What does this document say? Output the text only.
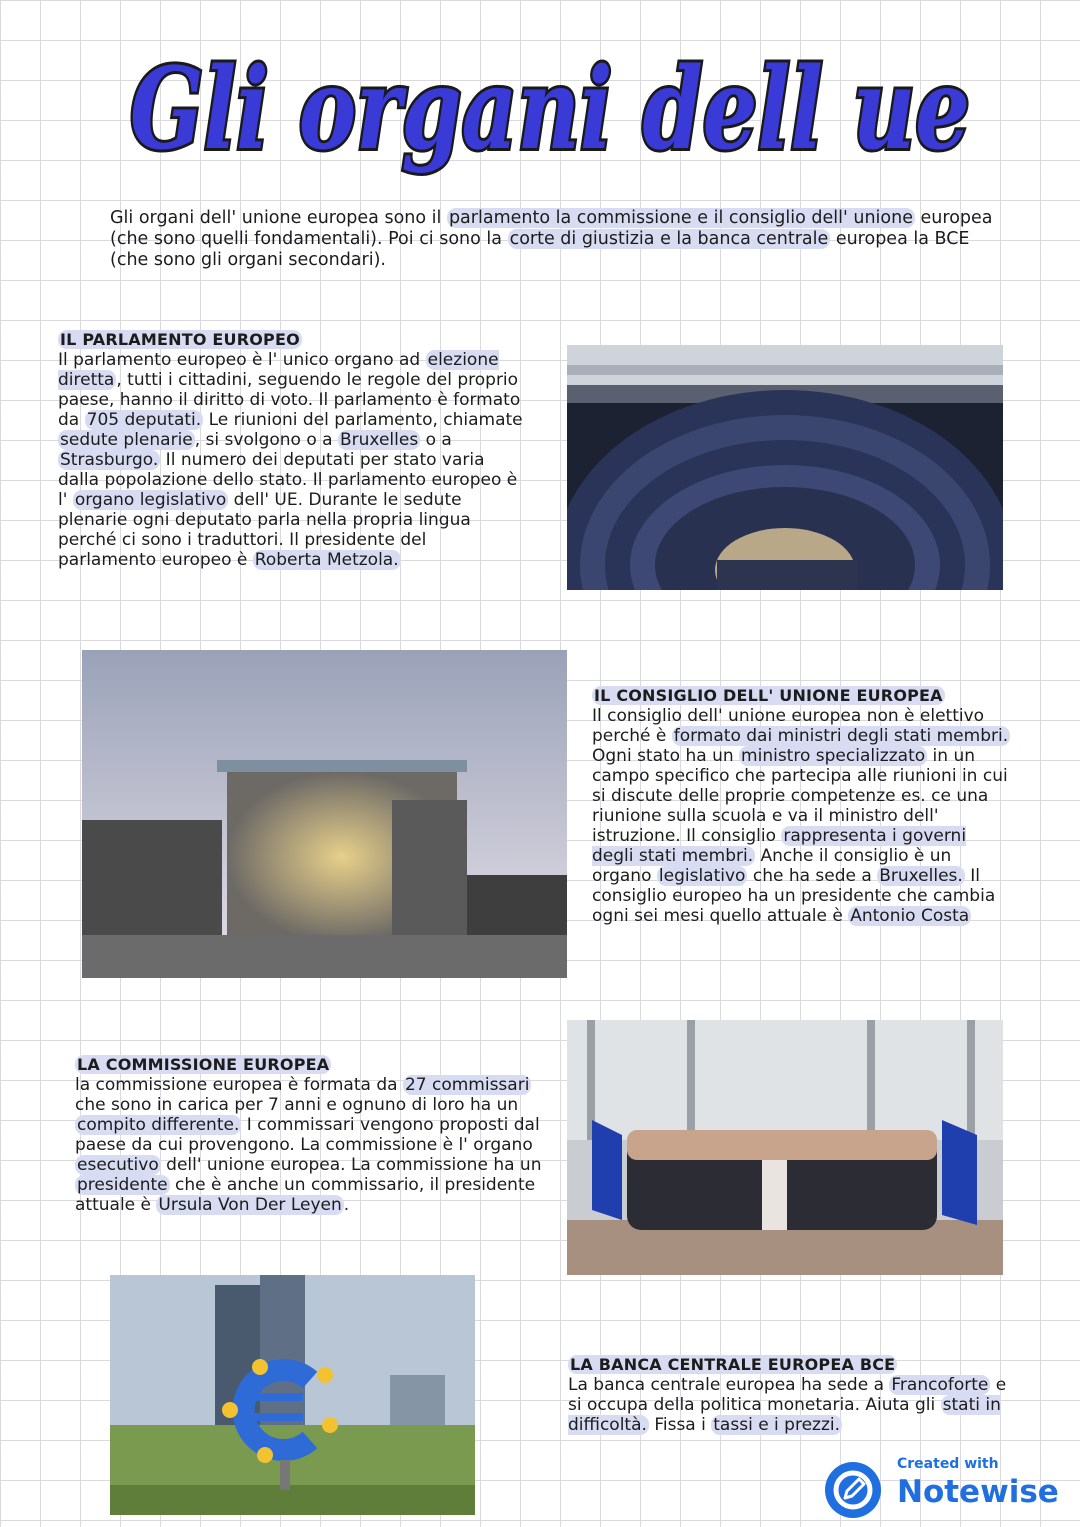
Gli organi dell ue
Gli organi dell' unione europea sono il parlamento la commissione e il consiglio dell' unione europea (che sono quelli fondamentali). Poi ci sono la corte di giustizia e la banca centrale europea la BCE (che sono gli organi secondari).
IL PARLAMENTO EUROPEO
Il parlamento europeo è l' unico organo ad elezione diretta , tutti i cittadini, seguendo le regole del proprio paese, hanno il diritto di voto. Il parlamento è formato da 705 deputati. Le riunioni del parlamento, chiamate sedute plenarie , si svolgono o a Bruxelles o a Strasburgo. Il numero dei deputati per stato varia dalla popolazione dello stato. Il parlamento europeo è l' organo legislativo dell' UE. Durante le sedute plenarie ogni deputato parla nella propria lingua perché ci sono i traduttori. Il presidente del parlamento europeo è Roberta Metzola.
IL CONSIGLIO DELL' UNIONE EUROPEA
Il consiglio dell' unione europea non è elettivo perché è formato dai ministri degli stati membri. Ogni stato ha un ministro specializzato in un campo specifico che partecipa alle riunioni in cui si discute delle proprie competenze es. ce una riunione sulla scuola e va il ministro dell' istruzione. Il consiglio rappresenta i governi degli stati membri. Anche il consiglio è un organo legislativo che ha sede a Bruxelles. Il consiglio europeo ha un presidente che cambia ogni sei mesi quello attuale è Antonio Costa
LA COMMISSIONE EUROPEA
la commissione europea è formata da 27 commissari che sono in carica per 7 anni e ognuno di loro ha un compito differente. I commissari vengono proposti dal paese da cui provengono. La commissione è l' organo esecutivo dell' unione europea. La commissione ha un presidente che è anche un commissario, il presidente attuale è Ursula Von Der Leyen .
LA BANCA CENTRALE EUROPEA BCE
La banca centrale europea ha sede a Francoforte e si occupa della politica monetaria. Aiuta gli stati in difficoltà. Fissa i tassi e i prezzi.
Created with
Notewise
